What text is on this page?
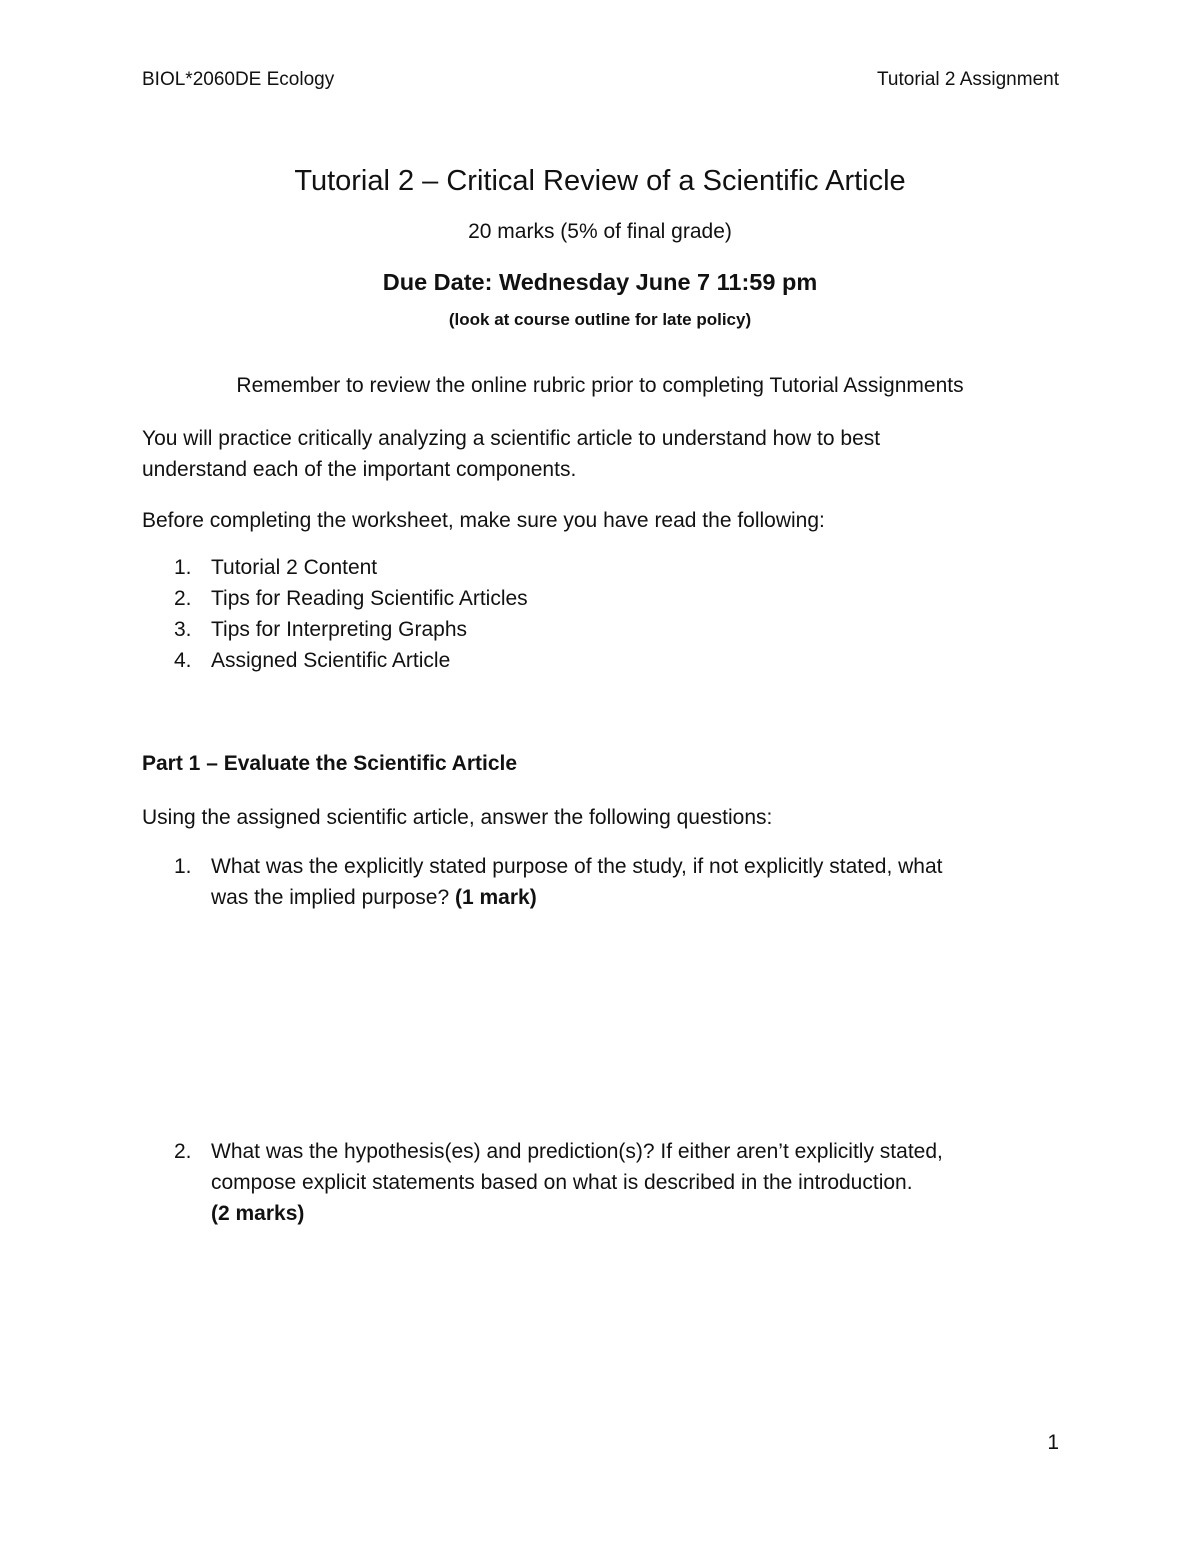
BIOL*2060DE Ecology	Tutorial 2 Assignment

Tutorial 2 – Critical Review of a Scientific Article

20 marks (5% of final grade)

Due Date: Wednesday June 7 11:59 pm

(look at course outline for late policy)

Remember to review the online rubric prior to completing Tutorial Assignments

You will practice critically analyzing a scientific article to understand how to best
understand each of the important components.

Before completing the worksheet, make sure you have read the following:

1. Tutorial 2 Content
2. Tips for Reading Scientific Articles
3. Tips for Interpreting Graphs
4. Assigned Scientific Article
Part 1 – Evaluate the Scientific Article

Using the assigned scientific article, answer the following questions:

1. What was the explicitly stated purpose of the study, if not explicitly stated, what
was the implied purpose? (1 mark)
2. What was the hypothesis(es) and prediction(s)? If either aren’t explicitly stated,
compose explicit statements based on what is described in the introduction.
(2 marks)

1
